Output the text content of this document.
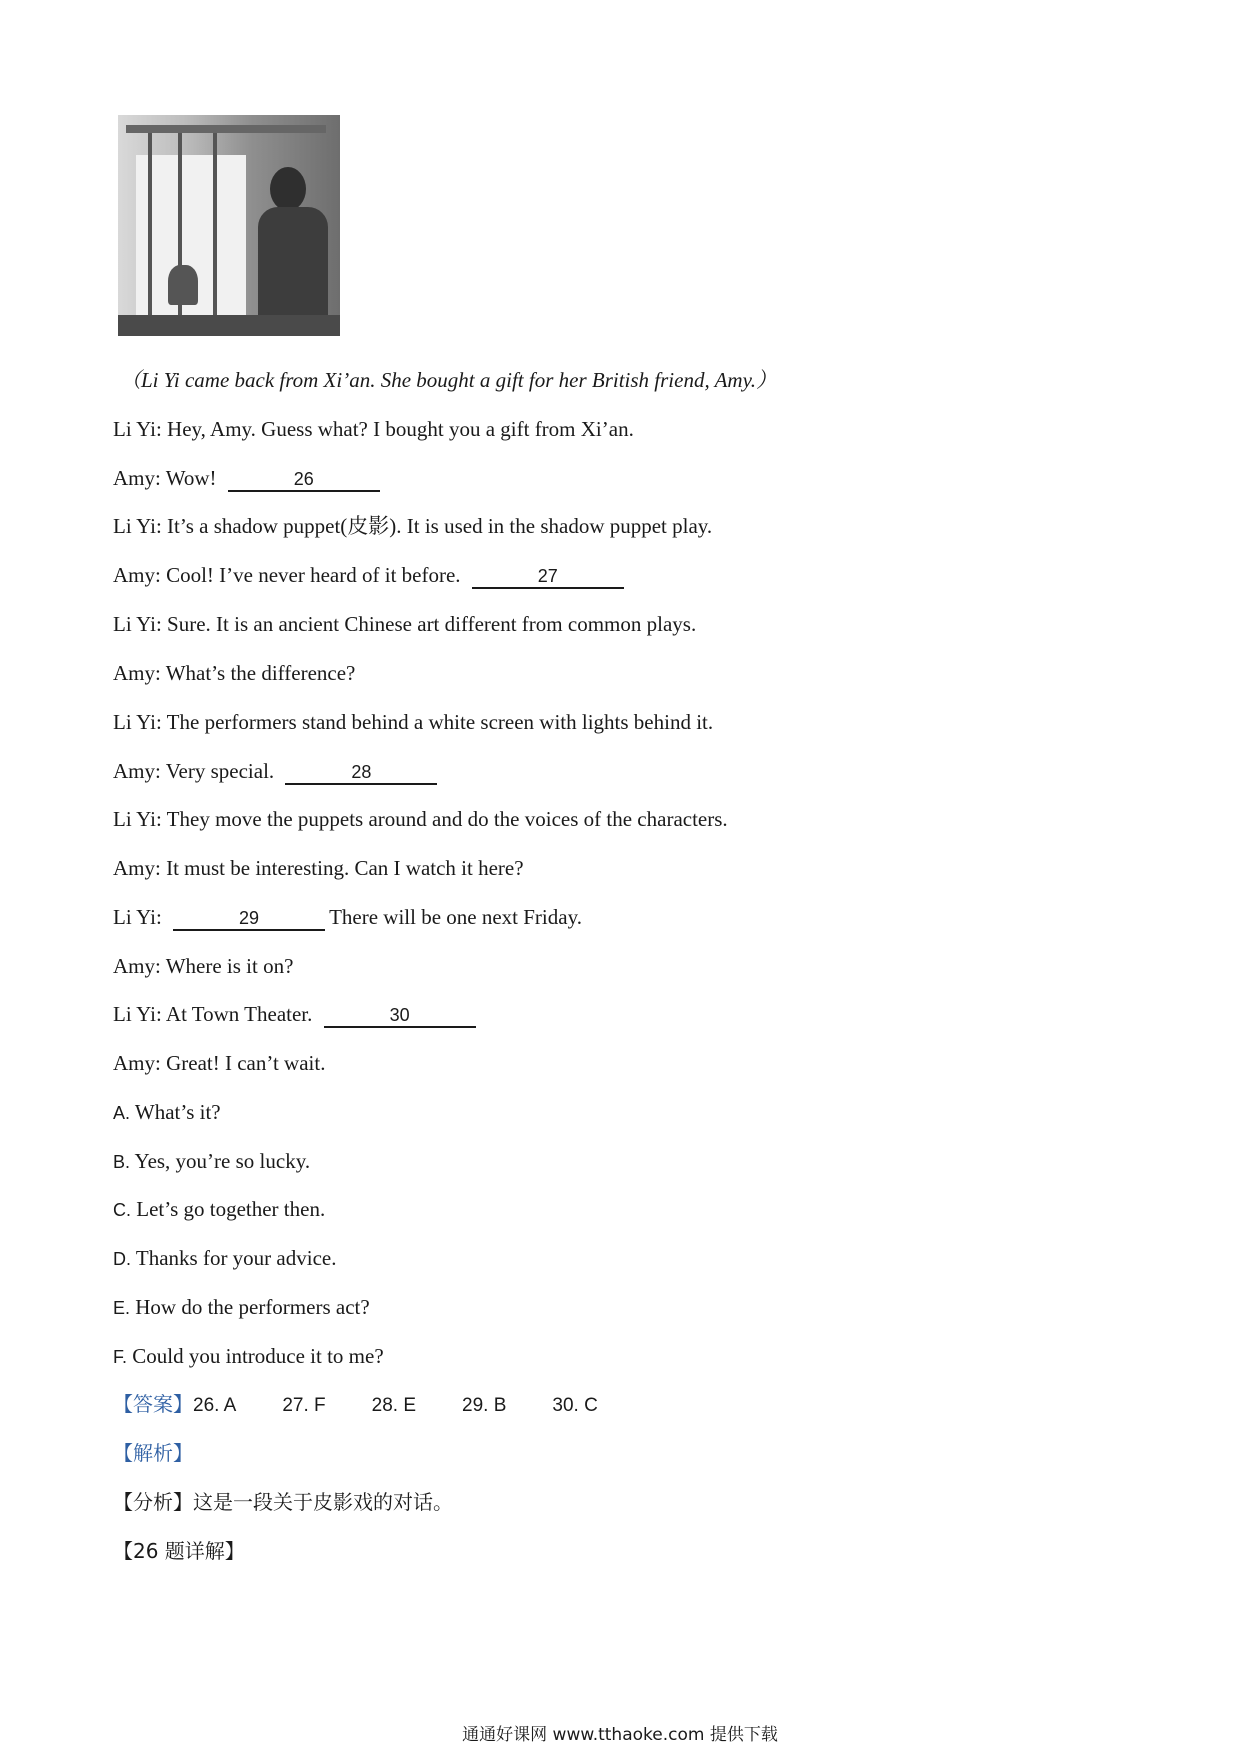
（Li Yi came back from Xi’an. She bought a gift for her British friend, Amy.）
Li Yi: Hey, Amy. Guess what? I bought you a gift from Xi’an.
Amy: Wow!	26
Li Yi: It’s a shadow puppet(皮影). It is used in the shadow puppet play.
Amy: Cool! I’ve never heard of it before.	27
Li Yi: Sure. It is an ancient Chinese art different from common plays.
Amy: What’s the difference?
Li Yi: The performers stand behind a white screen with lights behind it.
Amy: Very special.	28
Li Yi: They move the puppets around and do the voices of the characters.
Amy: It must be interesting. Can I watch it here?
Li Yi:	29	There will be one next Friday.
Amy: Where is it on?
Li Yi: At Town Theater.	30
Amy: Great! I can’t wait.
A. What’s it?
B. Yes, you’re so lucky.
C. Let’s go together then.
D. Thanks for your advice.
E. How do the performers act?
F. Could you introduce it to me?
【答案】26. A 27. F 28. E 29. B 30. C
【解析】
【分析】这是一段关于皮影戏的对话。
【26 题详解】
通通好课网 www.tthaoke.com 提供下载
